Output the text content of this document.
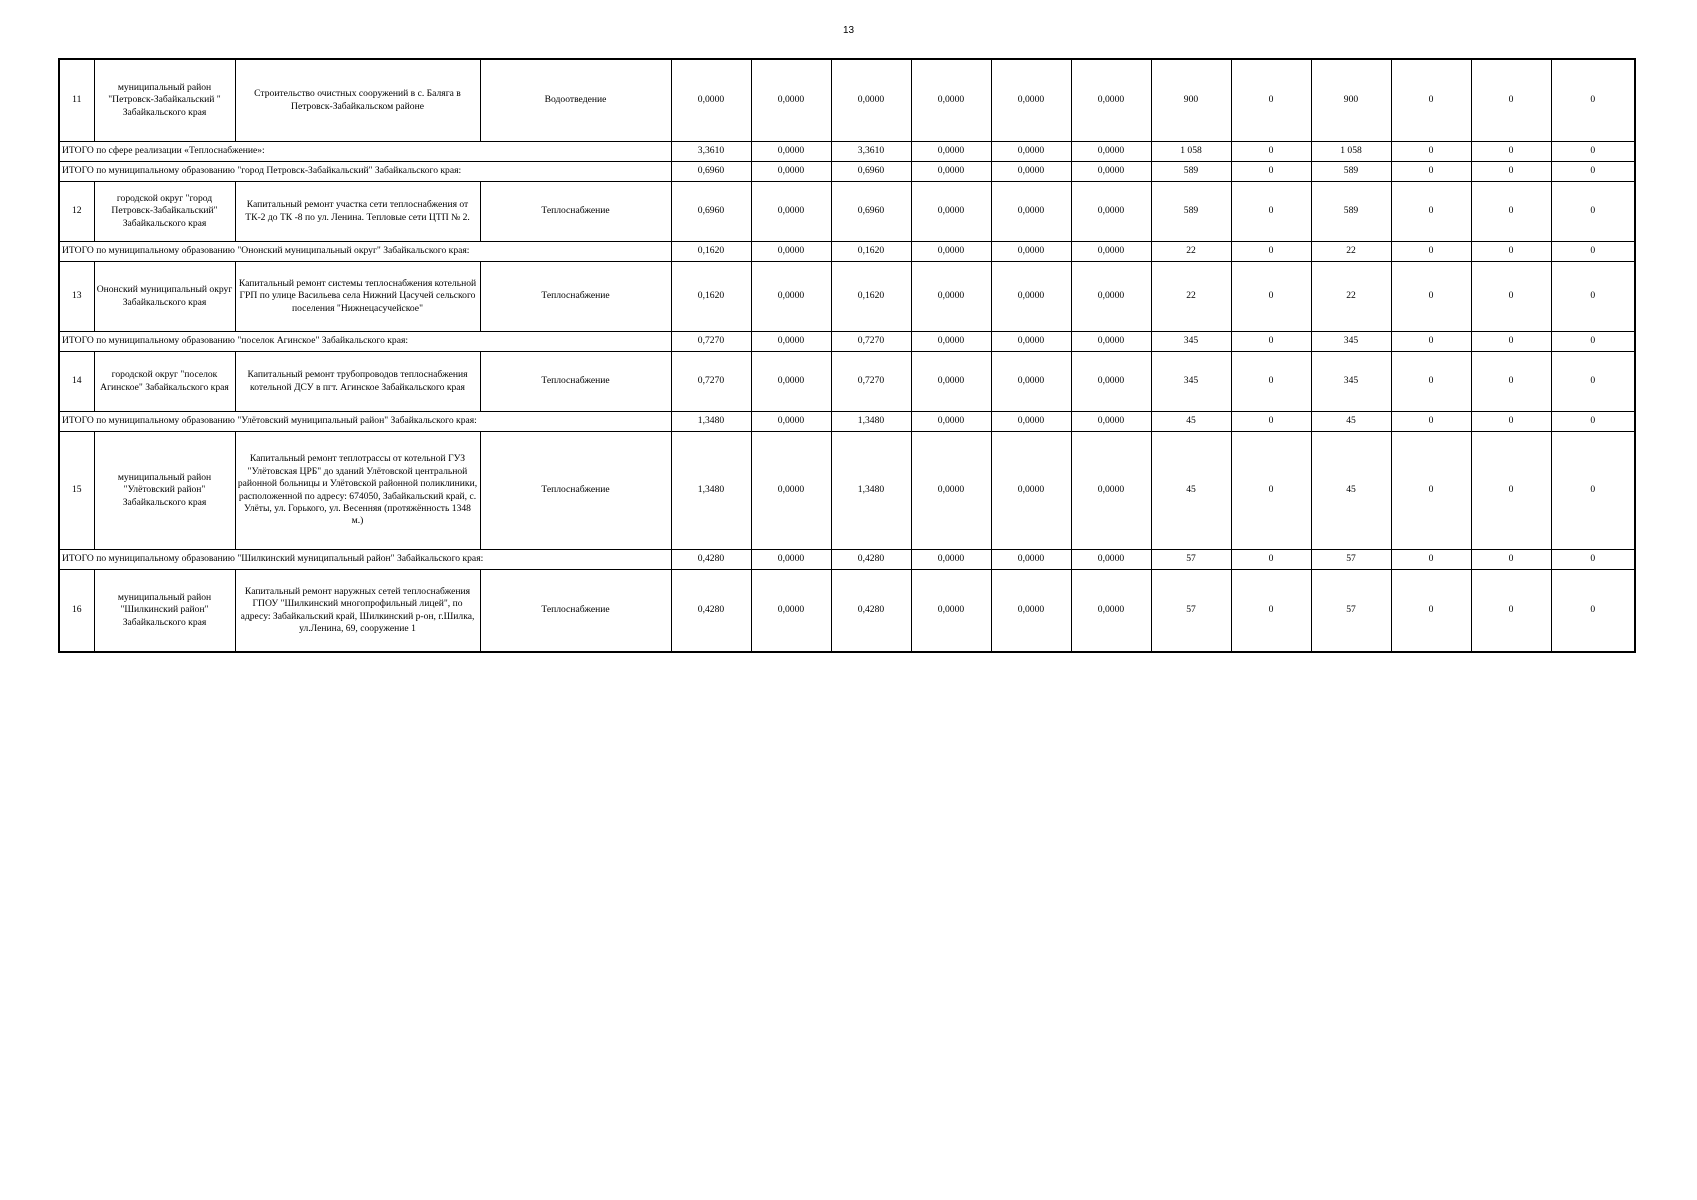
13
11	муниципальный район "Петровск-Забайкальский " Забайкальского края	Строительство очистных сооружений в с. Баляга в Петровск-Забайкальском районе	Водоотведение	0,0000	0,0000	0,0000	0,0000	0,0000	0,0000	900	0	900	0	0	0
ИТОГО по сфере реализации «Теплоснабжение»:				3,3610	0,0000	3,3610	0,0000	0,0000	0,0000	1 058	0	1 058	0	0	0
ИТОГО по муниципальному образованию "город Петровск-Забайкальский" Забайкальского края:				0,6960	0,0000	0,6960	0,0000	0,0000	0,0000	589	0	589	0	0	0
12	городской округ "город Петровск-Забайкальский" Забайкальского края	Капитальный ремонт участка сети теплоснабжения от ТК-2 до ТК -8 по ул. Ленина. Тепловые сети ЦТП № 2.	Теплоснабжение	0,6960	0,0000	0,6960	0,0000	0,0000	0,0000	589	0	589	0	0	0
ИТОГО по муниципальному образованию "Ононский муниципальный округ" Забайкальского края:				0,1620	0,0000	0,1620	0,0000	0,0000	0,0000	22	0	22	0	0	0
13	Ононский муниципальный округ Забайкальского края	Капитальный ремонт системы теплоснабжения котельной ГРП по улице Васильева села Нижний Цасучей сельского поселения "Нижнецасучейское"	Теплоснабжение	0,1620	0,0000	0,1620	0,0000	0,0000	0,0000	22	0	22	0	0	0
ИТОГО по муниципальному образованию "поселок Агинское" Забайкальского края:				0,7270	0,0000	0,7270	0,0000	0,0000	0,0000	345	0	345	0	0	0
14	городской округ "поселок Агинское" Забайкальского края	Капитальный ремонт трубопроводов теплоснабжения котельной ДСУ в пгт. Агинское Забайкальского края	Теплоснабжение	0,7270	0,0000	0,7270	0,0000	0,0000	0,0000	345	0	345	0	0	0
ИТОГО по муниципальному образованию "Улётовский муниципальный район" Забайкальского края:				1,3480	0,0000	1,3480	0,0000	0,0000	0,0000	45	0	45	0	0	0
15	муниципальный район "Улётовский район" Забайкальского края	Капитальный ремонт теплотрассы от котельной ГУЗ "Улётовская ЦРБ" до зданий Улётовской центральной районной больницы и Улётовской районной поликлиники, расположенной по адресу: 674050, Забайкальский край, с. Улёты, ул. Горького, ул. Весенняя (протяжённость 1348 м.)	Теплоснабжение	1,3480	0,0000	1,3480	0,0000	0,0000	0,0000	45	0	45	0	0	0
ИТОГО по муниципальному образованию "Шилкинский муниципальный район" Забайкальского края:				0,4280	0,0000	0,4280	0,0000	0,0000	0,0000	57	0	57	0	0	0
16	муниципальный район "Шилкинский район" Забайкальского края	Капитальный ремонт наружных сетей теплоснабжения ГПОУ "Шилкинский многопрофильный лицей", по адресу: Забайкальский край, Шилкинский р-он, г.Шилка, ул.Ленина, 69, сооружение 1	Теплоснабжение	0,4280	0,0000	0,4280	0,0000	0,0000	0,0000	57	0	57	0	0	0
